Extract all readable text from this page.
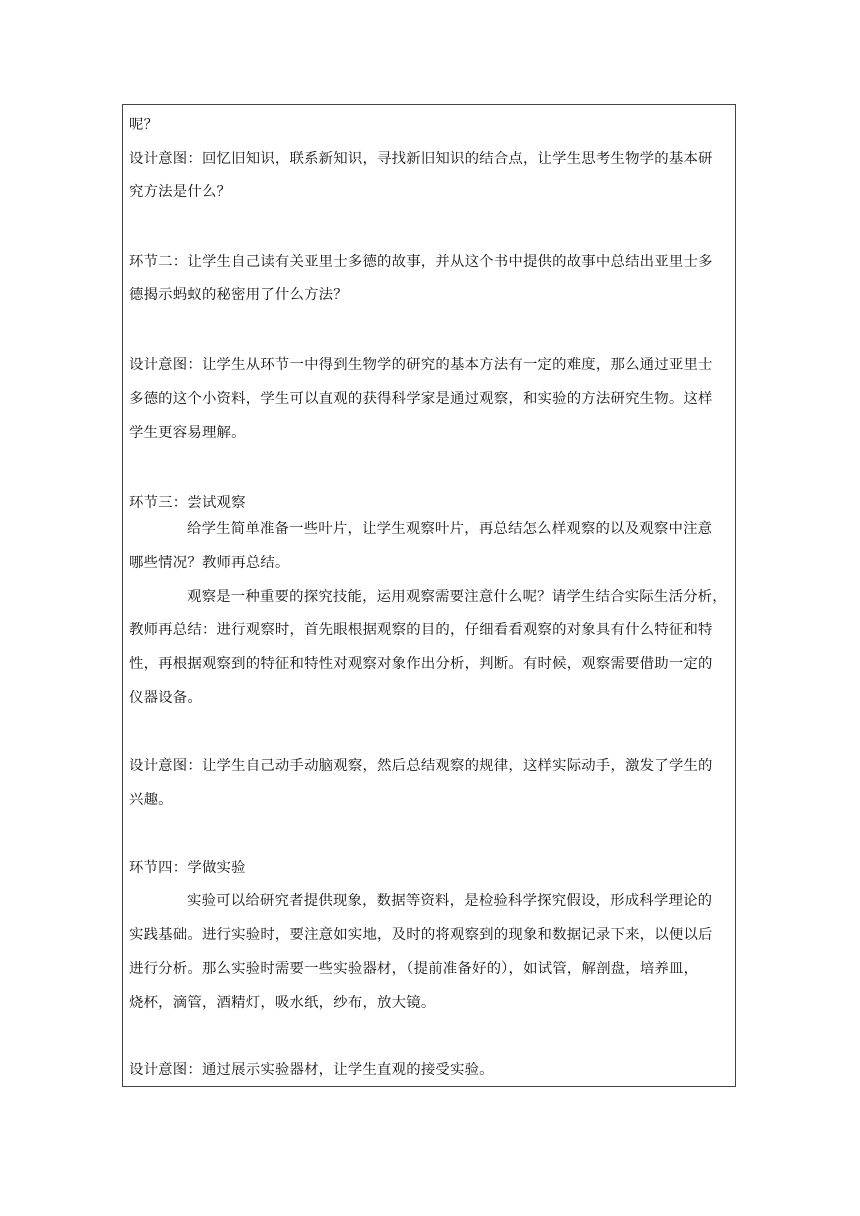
呢？
设计意图：回忆旧知识，联系新知识，寻找新旧知识的结合点，让学生思考生物学的基本研
究方法是什么？
环节二：让学生自己读有关亚里士多德的故事，并从这个书中提供的故事中总结出亚里士多
德揭示蚂蚁的秘密用了什么方法？
设计意图：让学生从环节一中得到生物学的研究的基本方法有一定的难度，那么通过亚里士
多德的这个小资料，学生可以直观的获得科学家是通过观察，和实验的方法研究生物。这样
学生更容易理解。
环节三：尝试观察
给学生简单准备一些叶片，让学生观察叶片，再总结怎么样观察的以及观察中注意
哪些情况？教师再总结。
观察是一种重要的探究技能，运用观察需要注意什么呢？请学生结合实际生活分析，
教师再总结：进行观察时，首先眼根据观察的目的，仔细看看观察的对象具有什么特征和特
性，再根据观察到的特征和特性对观察对象作出分析，判断。有时候，观察需要借助一定的
仪器设备。
设计意图：让学生自己动手动脑观察，然后总结观察的规律，这样实际动手，激发了学生的
兴趣。
环节四：学做实验
实验可以给研究者提供现象，数据等资料，是检验科学探究假设，形成科学理论的
实践基础。进行实验时，要注意如实地，及时的将观察到的现象和数据记录下来，以便以后
进行分析。那么实验时需要一些实验器材，（提前准备好的），如试管，解剖盘，培养皿，
烧杯，滴管，酒精灯，吸水纸，纱布，放大镜。
设计意图：通过展示实验器材，让学生直观的接受实验。
